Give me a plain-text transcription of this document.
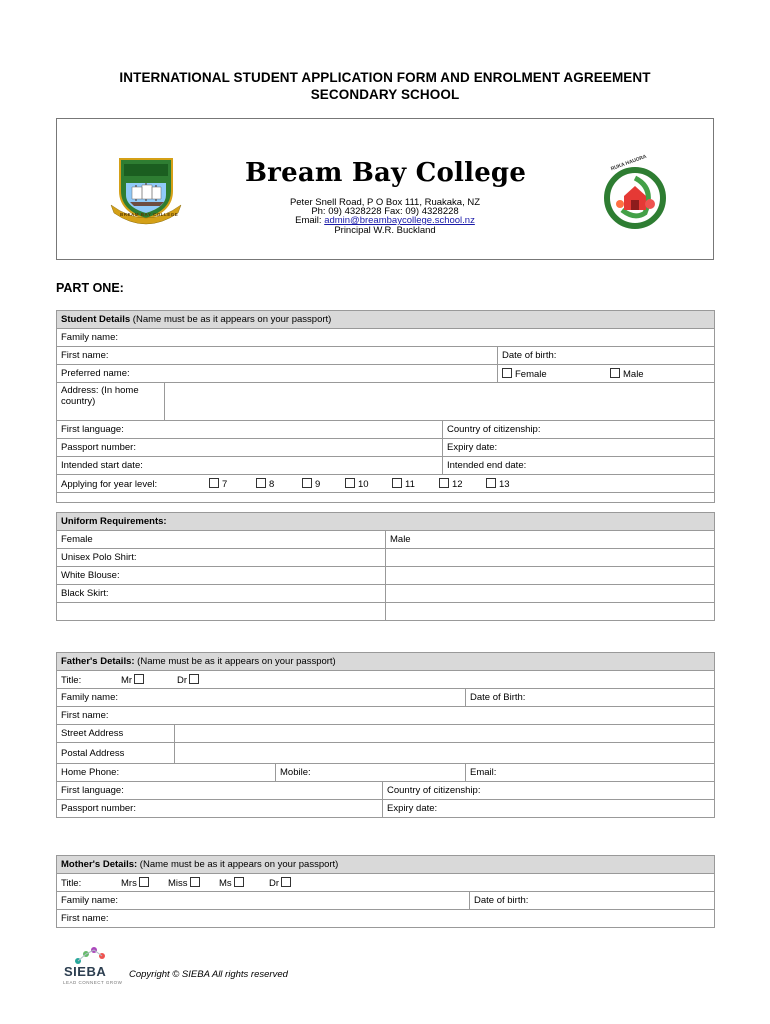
INTERNATIONAL STUDENT APPLICATION FORM AND ENROLMENT AGREEMENT
SECONDARY SCHOOL
BREAM BAY COLLEGE
Bream Bay College
Peter Snell Road, P O Box 111, Ruakaka, NZ
Ph: 09) 4328228 Fax: 09) 4328228
Email: admin@breambaycollege.school.nz
Principal W.R. Buckland
RUKA HAUORA
PART ONE:
Student Details (Name must be as it appears on your passport)			
Family name:			
First name:			Date of birth:
Preferred name:			Female Male
Address: (In home
country)			
First language:		Country of citizenship:	
Passport number:		Expiry date:	
Intended start date:		Intended end date:	
Applying for year level: 7 8 9 10 11 12 13			

Uniform Requirements:	
Female	Male
Unisex Polo Shirt:	
White Blouse:	
Black Skirt:	

Father's Details: (Name must be as it appears on your passport)				
Title: Mr Dr				
Family name:				Date of Birth:
First name:				
Street Address				
Postal Address				
Home Phone:		Mobile:		Email:
First language:			Country of citizenship:	
Passport number:			Expiry date:	
Mother's Details: (Name must be as it appears on your passport)
Title:	Mrs	Miss	Ms	Dr
Family name:	Date of birth:
First name:
SIEBA
LEAD CONNECT GROW
Copyright © SIEBA All rights reserved
